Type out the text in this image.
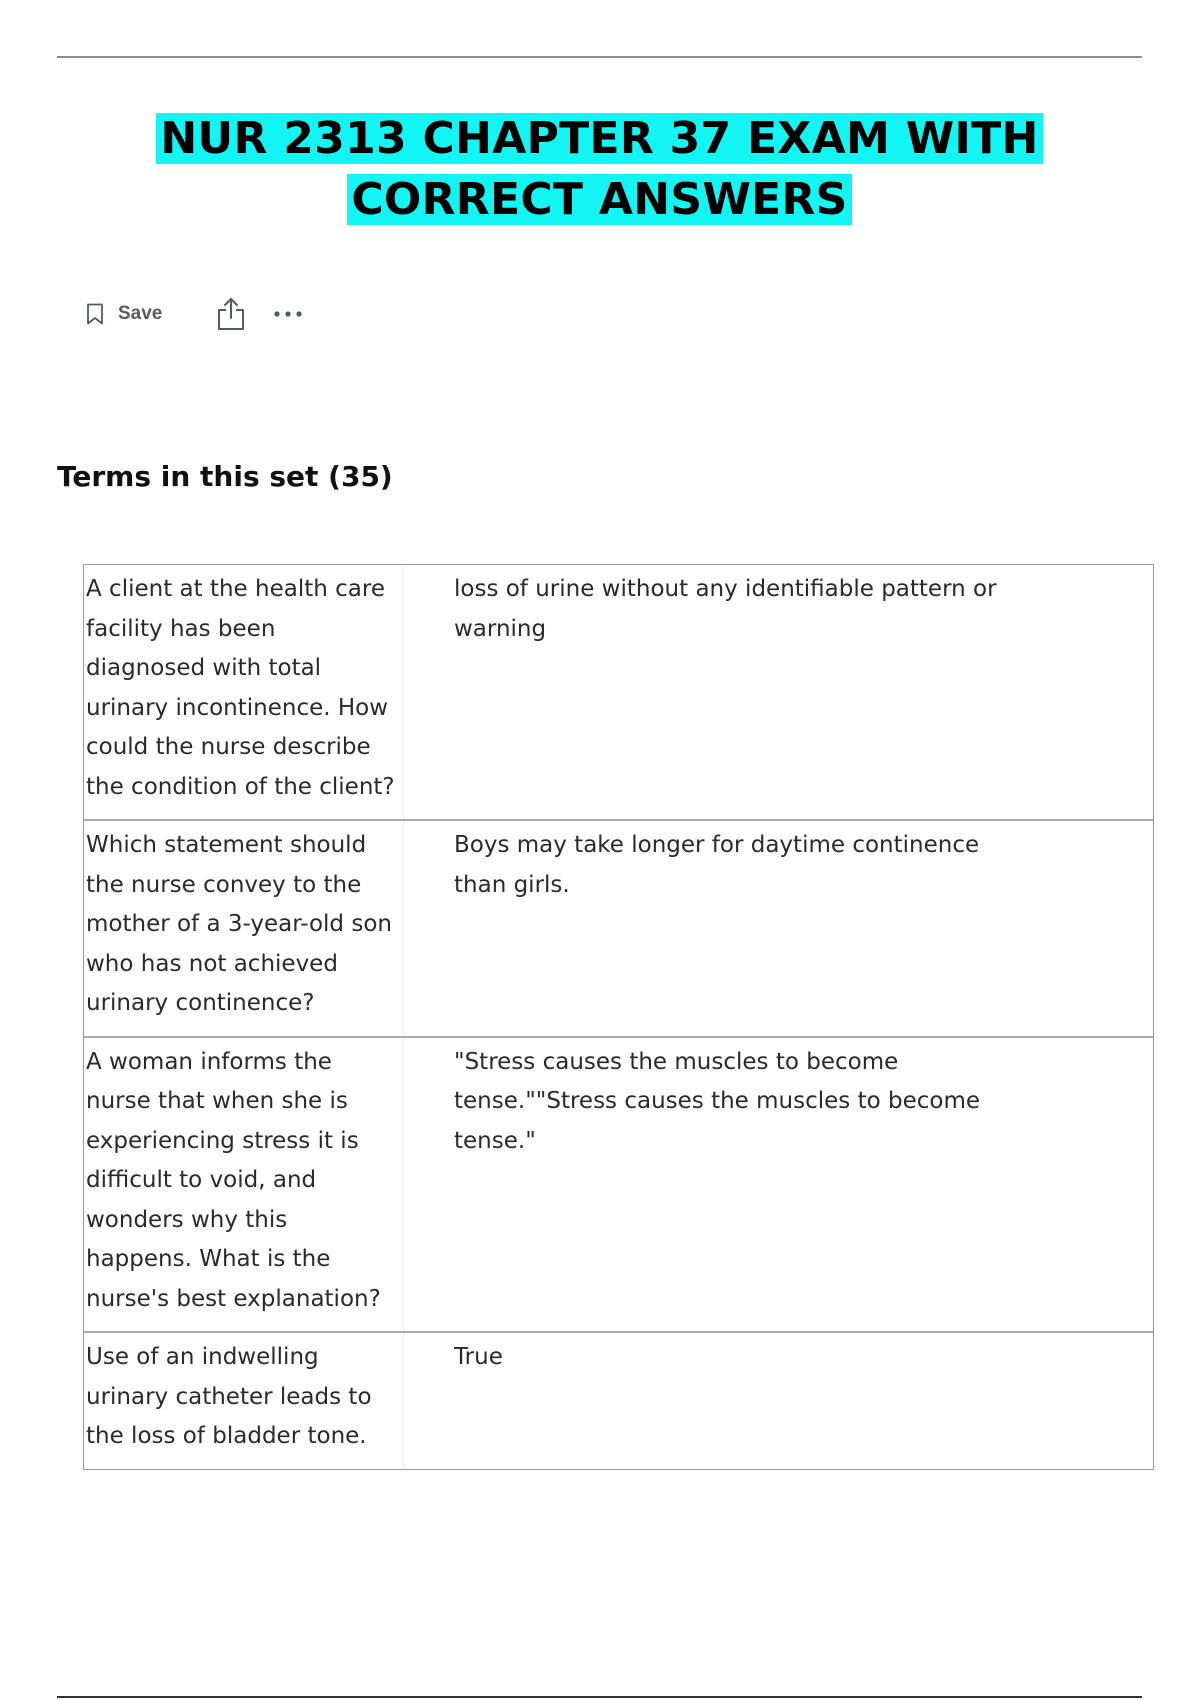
NUR 2313 CHAPTER 37 EXAM WITH CORRECT ANSWERS
Save
Terms in this set (35)
A client at the health care facility has been diagnosed with total urinary incontinence. How could the nurse describe the condition of the client?
loss of urine without any identifiable pattern or warning
Which statement should the nurse convey to the mother of a 3-year-old son who has not achieved urinary continence?
Boys may take longer for daytime continence than girls.
A woman informs the nurse that when she is experiencing stress it is difficult to void, and wonders why this happens. What is the nurse's best explanation?
"Stress causes the muscles to become tense.""Stress causes the muscles to become tense."
Use of an indwelling urinary catheter leads to the loss of bladder tone.
True
